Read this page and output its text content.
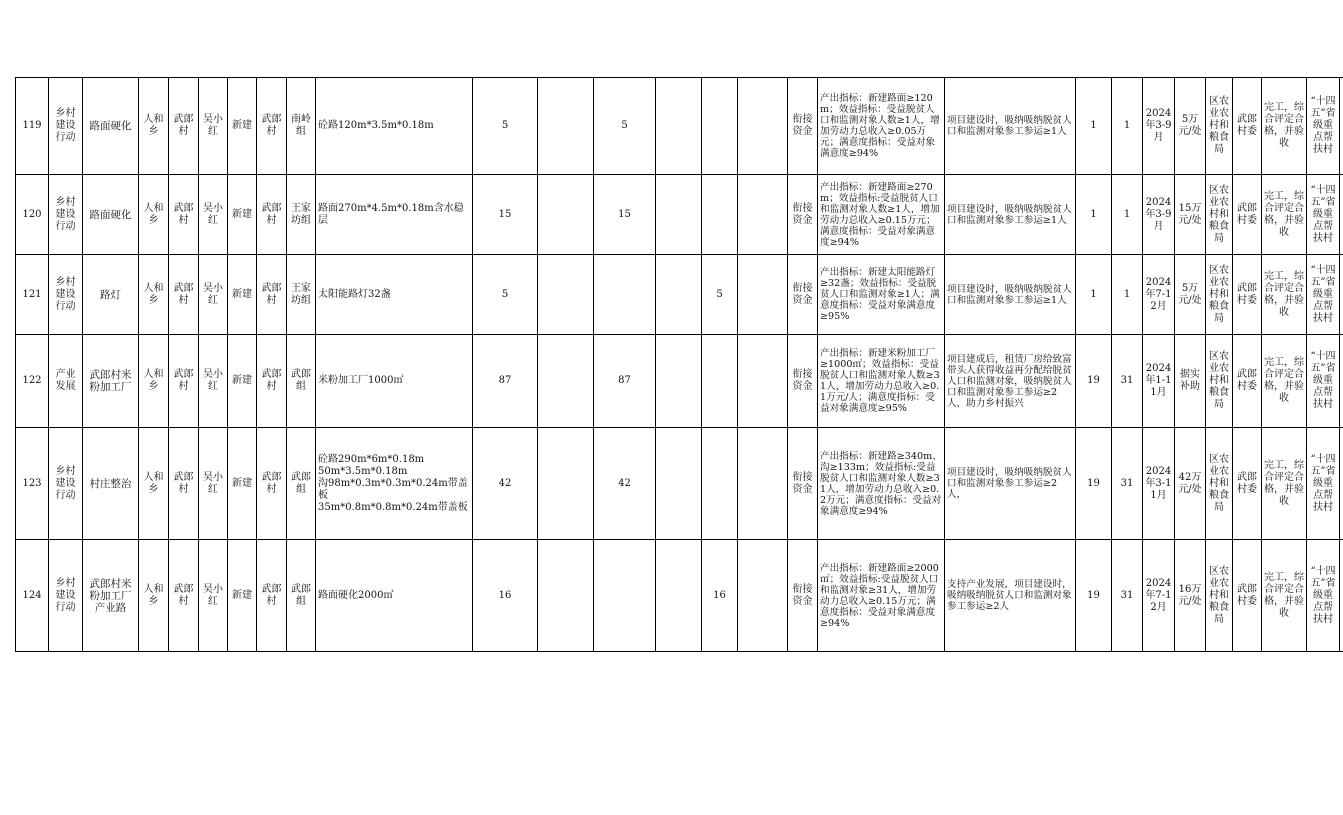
119	乡村建设行动	路面硬化	人和乡	武郎村	吴小红	新建	武郎村	南岭组	砼路120m*3.5m*0.18m	5		5				衔接资金	产出指标：新建路面≥120m；效益指标：受益脱贫人口和监测对象人数≥1人，增加劳动力总收入≥0.05万元；满意度指标：受益对象满意度≥94%	项目建设时，吸纳吸纳脱贫人口和监测对象参工参运≥1人	1	1	2024年3-9月	5万元/处	区农业农村和粮食局	武郎村委	完工，综合评定合格，并验收	“十四五”省级重点帮扶村	
120	乡村建设行动	路面硬化	人和乡	武郎村	吴小红	新建	武郎村	王家坊组	路面270m*4.5m*0.18m含水稳层	15		15				衔接资金	产出指标：新建路面≥270m；效益指标:受益脱贫人口和监测对象人数≥1人，增加劳动力总收入≥0.15万元；满意度指标：受益对象满意度≥94%	项目建设时，吸纳吸纳脱贫人口和监测对象参工参运≥1人	1	1	2024年3-9月	15万元/处	区农业农村和粮食局	武郎村委	完工，综合评定合格，并验收	“十四五”省级重点帮扶村	
121	乡村建设行动	路灯	人和乡	武郎村	吴小红	新建	武郎村	王家坊组	太阳能路灯32盏	5				5		衔接资金	产出指标：新建太阳能路灯≥32盏；效益指标：受益脱贫人口和监测对象≥1人；满意度指标：受益对象满意度≥95%	项目建设时，吸纳吸纳脱贫人口和监测对象参工参运≥1人	1	1	2024年7-12月	5万元/处	区农业农村和粮食局	武郎村委	完工，综合评定合格，并验收	“十四五”省级重点帮扶村	
122	产业发展	武郎村米粉加工厂	人和乡	武郎村	吴小红	新建	武郎村	武郎组	米粉加工厂1000㎡	87		87				衔接资金	产出指标：新建米粉加工厂≥1000㎡；效益指标：受益脱贫人口和监测对象人数≥31人，增加劳动力总收入≥0.1万元/人；满意度指标：受益对象满意度≥95%	项目建成后，租赁厂房给致富带头人获得收益再分配给脱贫人口和监测对象，吸纳脱贫人口和监测对象参工参运≥2人，助力乡村振兴	19	31	2024年1-11月	据实补助	区农业农村和粮食局	武郎村委	完工，综合评定合格，并验收	“十四五”省级重点帮扶村	
123	乡村建设行动	村庄整治	人和乡	武郎村	吴小红	新建	武郎村	武郎组	砼路290m*6m*0.18m
50m*3.5m*0.18m
沟98m*0.3m*0.3m*0.24m带盖板
35m*0.8m*0.8m*0.24m带盖板	42		42				衔接资金	产出指标：新建路≥340m、沟≥133m；效益指标:受益脱贫人口和监测对象人数≥31人，增加劳动力总收入≥0.2万元；满意度指标：受益对象满意度≥94%	项目建设时，吸纳吸纳脱贫人口和监测对象参工参运≥2人，	19	31	2024年3-11月	42万元/处	区农业农村和粮食局	武郎村委	完工，综合评定合格，并验收	“十四五”省级重点帮扶村	
124	乡村建设行动	武郎村米粉加工厂产业路	人和乡	武郎村	吴小红	新建	武郎村	武郎组	路面硬化2000㎡	16				16		衔接资金	产出指标：新建路面≥2000㎡；效益指标:受益脱贫人口和监测对象≥31人，增加劳动力总收入≥0.15万元；满意度指标：受益对象满意度≥94%	支持产业发展，项目建设时，吸纳吸纳脱贫人口和监测对象参工参运≥2人	19	31	2024年7-12月	16万元/处	区农业农村和粮食局	武郎村委	完工，综合评定合格，并验收	“十四五”省级重点帮扶村	
